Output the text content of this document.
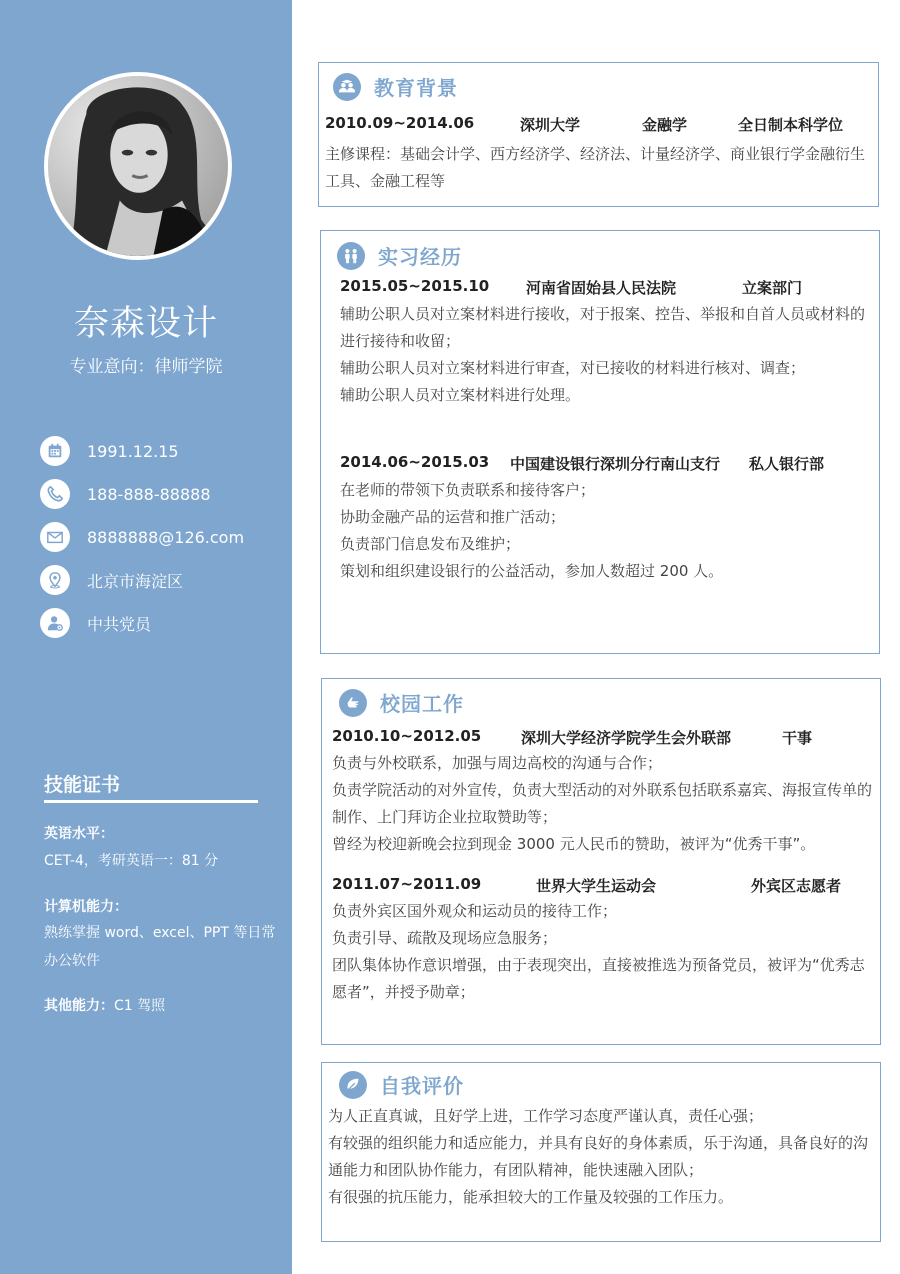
奈森设计
专业意向：律师学院
1991.12.15
188-888-88888
8888888@126.com
北京市海淀区
中共党员
技能证书
英语水平：
CET-4，考研英语一：81 分
计算机能力：
熟练掌握 word、excel、PPT 等日常办公软件
其他能力：C1 驾照
教育背景
2010.09~2014.06	深圳大学	金融学	全日制本科学位
主修课程：基础会计学、西方经济学、经济法、计量经济学、商业银行学金融衍生工具、金融工程等
实习经历
2015.05~2015.10 河南省固始县人民法院	立案部门
辅助公职人员对立案材料进行接收，对于报案、控告、举报和自首人员或材料的进行接待和收留；
辅助公职人员对立案材料进行审查，对已接收的材料进行核对、调查；
辅助公职人员对立案材料进行处理。
2014.06~2015.03 中国建设银行深圳分行南山支行 私人银行部
在老师的带领下负责联系和接待客户；
协助金融产品的运营和推广活动；
负责部门信息发布及维护；
策划和组织建设银行的公益活动，参加人数超过 200 人。
校园工作
2010.10~2012.05	深圳大学经济学院学生会外联部	干事
负责与外校联系，加强与周边高校的沟通与合作；
负责学院活动的对外宣传，负责大型活动的对外联系包括联系嘉宾、海报宣传单的制作、上门拜访企业拉取赞助等；
曾经为校迎新晚会拉到现金 3000 元人民币的赞助，被评为“优秀干事”。
2011.07~2011.09	世界大学生运动会	外宾区志愿者
负责外宾区国外观众和运动员的接待工作；
负责引导、疏散及现场应急服务；
团队集体协作意识增强，由于表现突出，直接被推选为预备党员，被评为“优秀志愿者”，并授予勋章；
自我评价
为人正直真诚，且好学上进，工作学习态度严谨认真，责任心强；
有较强的组织能力和适应能力，并具有良好的身体素质，乐于沟通，具备良好的沟通能力和团队协作能力，有团队精神，能快速融入团队；
有很强的抗压能力，能承担较大的工作量及较强的工作压力。
